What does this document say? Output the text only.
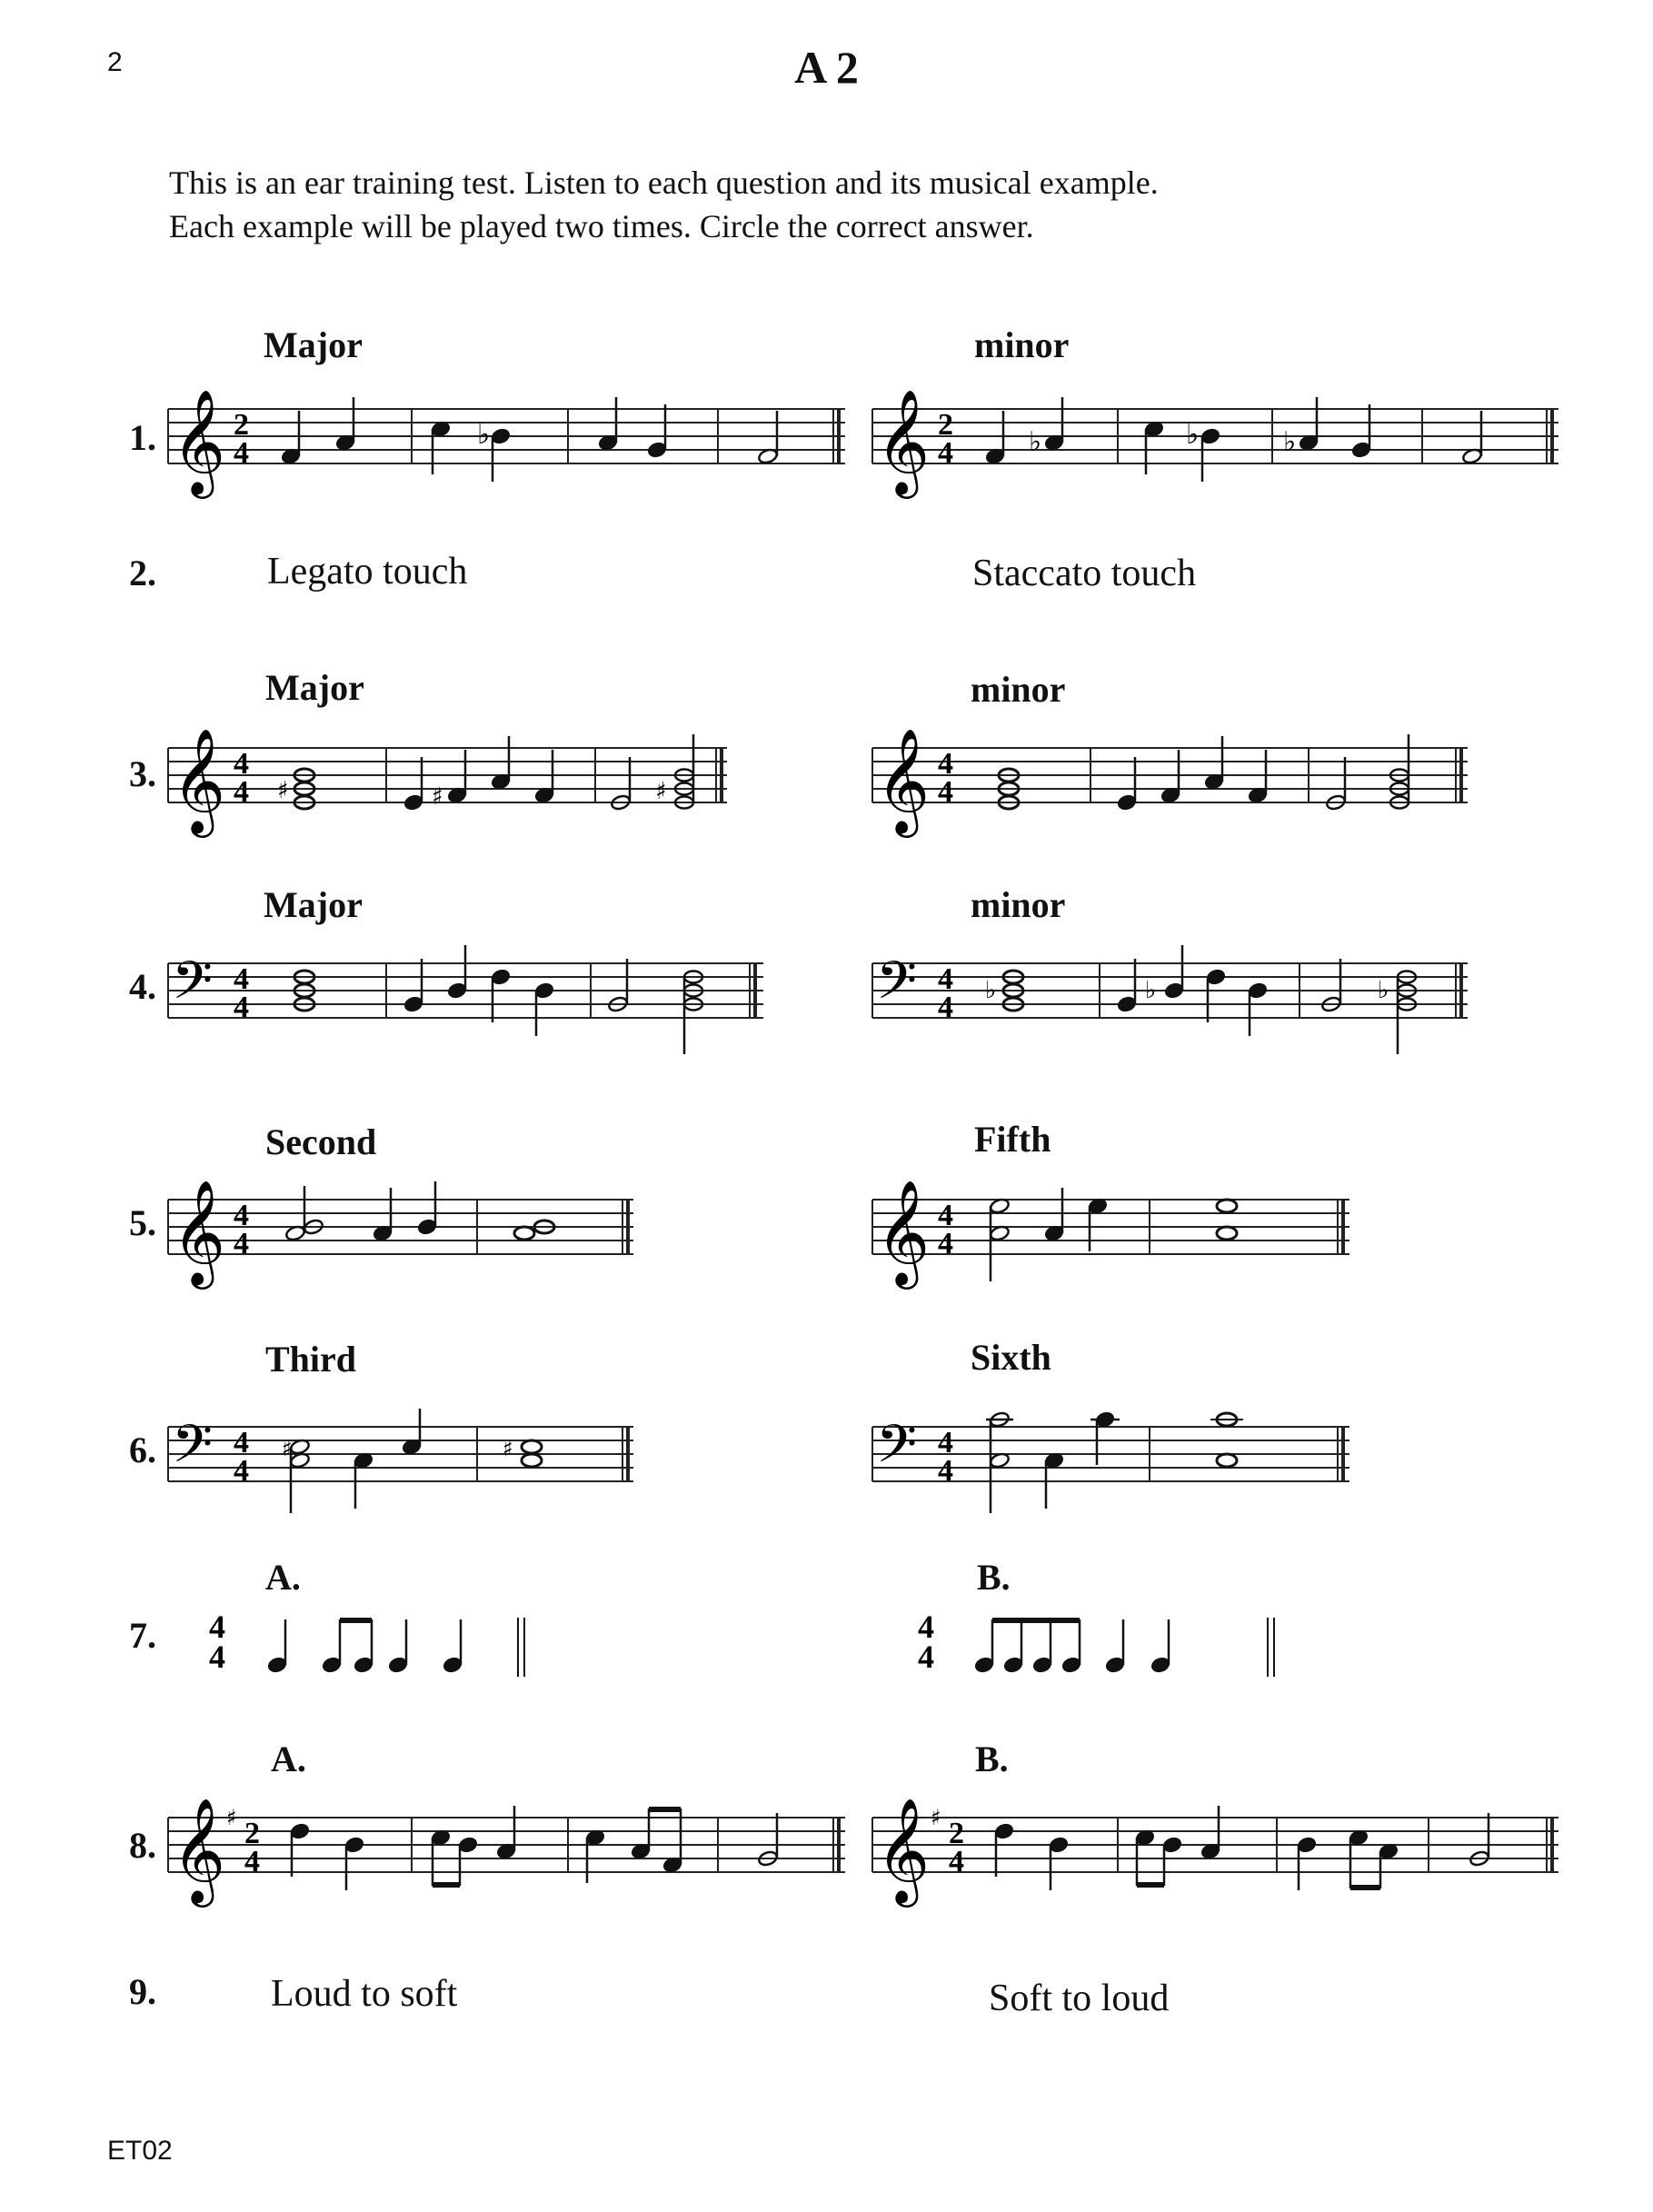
2	A 2
This is an ear training test. Listen to each question and its musical example.
Each example will be played two times. Circle the correct answer.
1.
2.
3.
4.
5.
6.
7.
8.
9.
Major	minor
Legato touch	Staccato touch
Major	minor
Major	minor
Second	Fifth
Third	Sixth
A.	B.
A.	B.
Loud to soft	Soft to loud
𝄞 2
4
♭	𝄞 2
4	♭	♭	♭
𝄞 4
4 ♯	♯	♯ 𝄞 4
4
𝄢 4
4	𝄢 4
4 ♭	♭	♭
𝄞 4
4	𝄞 4
4
𝄢 4
4
♯	♯	𝄢 4
4
4
4
4
4
𝄞 ♯ 2
4	𝄞 ♯ 2
4
ET02
